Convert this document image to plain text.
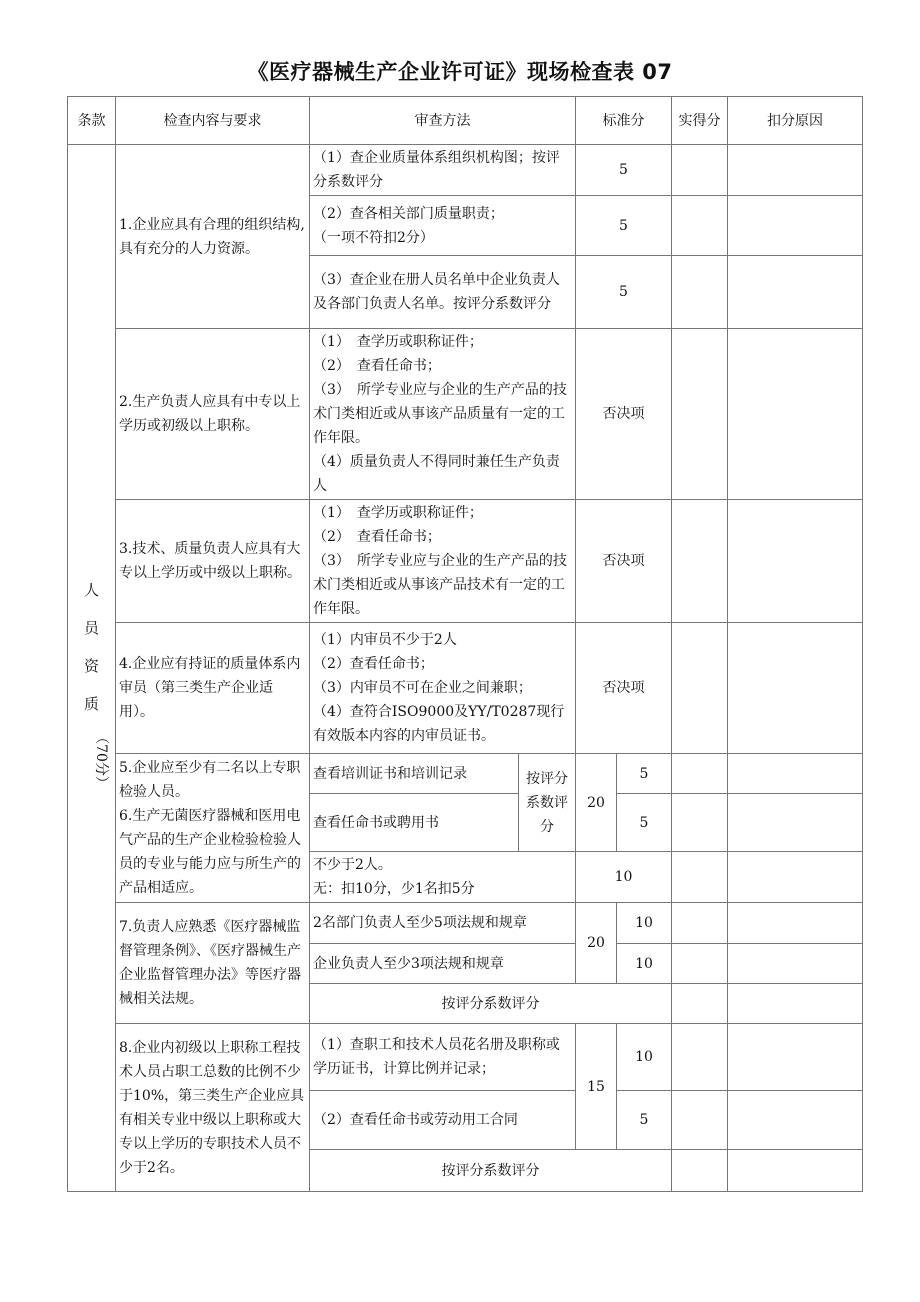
《医疗器械生产企业许可证》现场检查表 07
条款	检查内容与要求	审查方法		标准分		实得分	扣分原因

人
员
资
质
（70分）	1.企业应具有合理的组织结构,具有充分的人力资源。	（1）查企业质量体系组织机构图；按评分系数评分		5			

		（2）查各相关部门质量职责；
（一项不符扣2分）		5			
		（3）查企业在册人员名单中企业负责人及各部门负责人名单。按评分系数评分		5			
	2.生产负责人应具有中专以上学历或初级以上职称。	（1）　查学历或职称证件；
（2）　查看任命书；
（3）　所学专业应与企业的生产产品的技术门类相近或从事该产品质量有一定的工作年限。
（4）质量负责人不得同时兼任生产负责人		否决项			
	3.技术、质量负责人应具有大专以上学历或中级以上职称。	（1）　查学历或职称证件；
（2）　查看任命书；
（3）　所学专业应与企业的生产产品的技术门类相近或从事该产品技术有一定的工作年限。		否决项			
	4.企业应有持证的质量体系内审员（第三类生产企业适用）。	（1）内审员不少于2人
（2）查看任命书；
（3）内审员不可在企业之间兼职；
（4）查符合ISO9000及YY/T0287现行有效版本内容的内审员证书。		否决项			

	5.企业应至少有二名以上专职检验人员。
6.生产无菌医疗器械和医用电气产品的生产企业检验检验人员的专业与能力应与所生产的产品相适应。	查看培训证书和培训记录	按评分系数评分	20	5		
		查看任命书或聘用书			5		

		不少于2人。
无：扣10分，少1名扣5分		10			
	7.负责人应熟悉《医疗器械监督管理条例》、《医疗器械生产企业监督管理办法》等医疗器械相关法规。	2名部门负责人至少5项法规和规章		20	10		
		企业负责人至少3项法规和规章			10		
		按评分系数评分					
	8.企业内初级以上职称工程技术人员占职工总数的比例不少于10%，第三类生产企业应具有相关专业中级以上职称或大专以上学历的专职技术人员不少于2名。	（1）查职工和技术人员花名册及职称或学历证书，计算比例并记录；		15	10		
		（2）查看任命书或劳动用工合同			5		
		按评分系数评分					
